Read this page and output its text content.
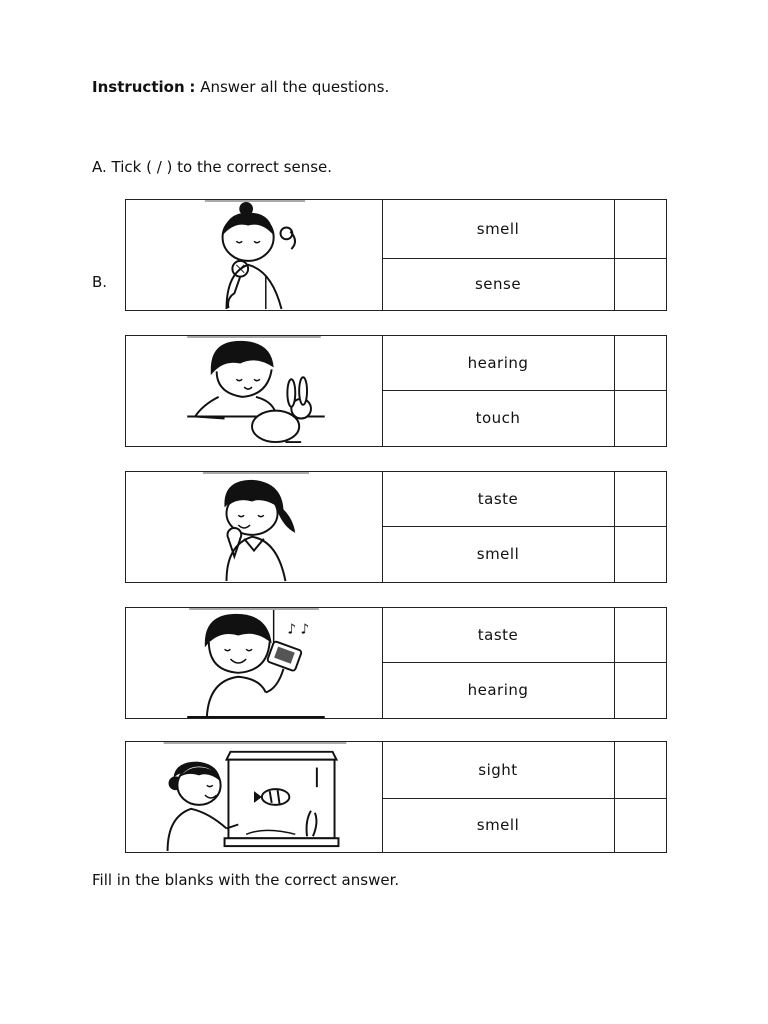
Instruction : Answer all the questions.
A. Tick ( / ) to the correct sense.
B.
smell
sense
hearing
touch
taste
smell
♪ ♪	taste
hearing
sight
smell
Fill in the blanks with the correct answer.
